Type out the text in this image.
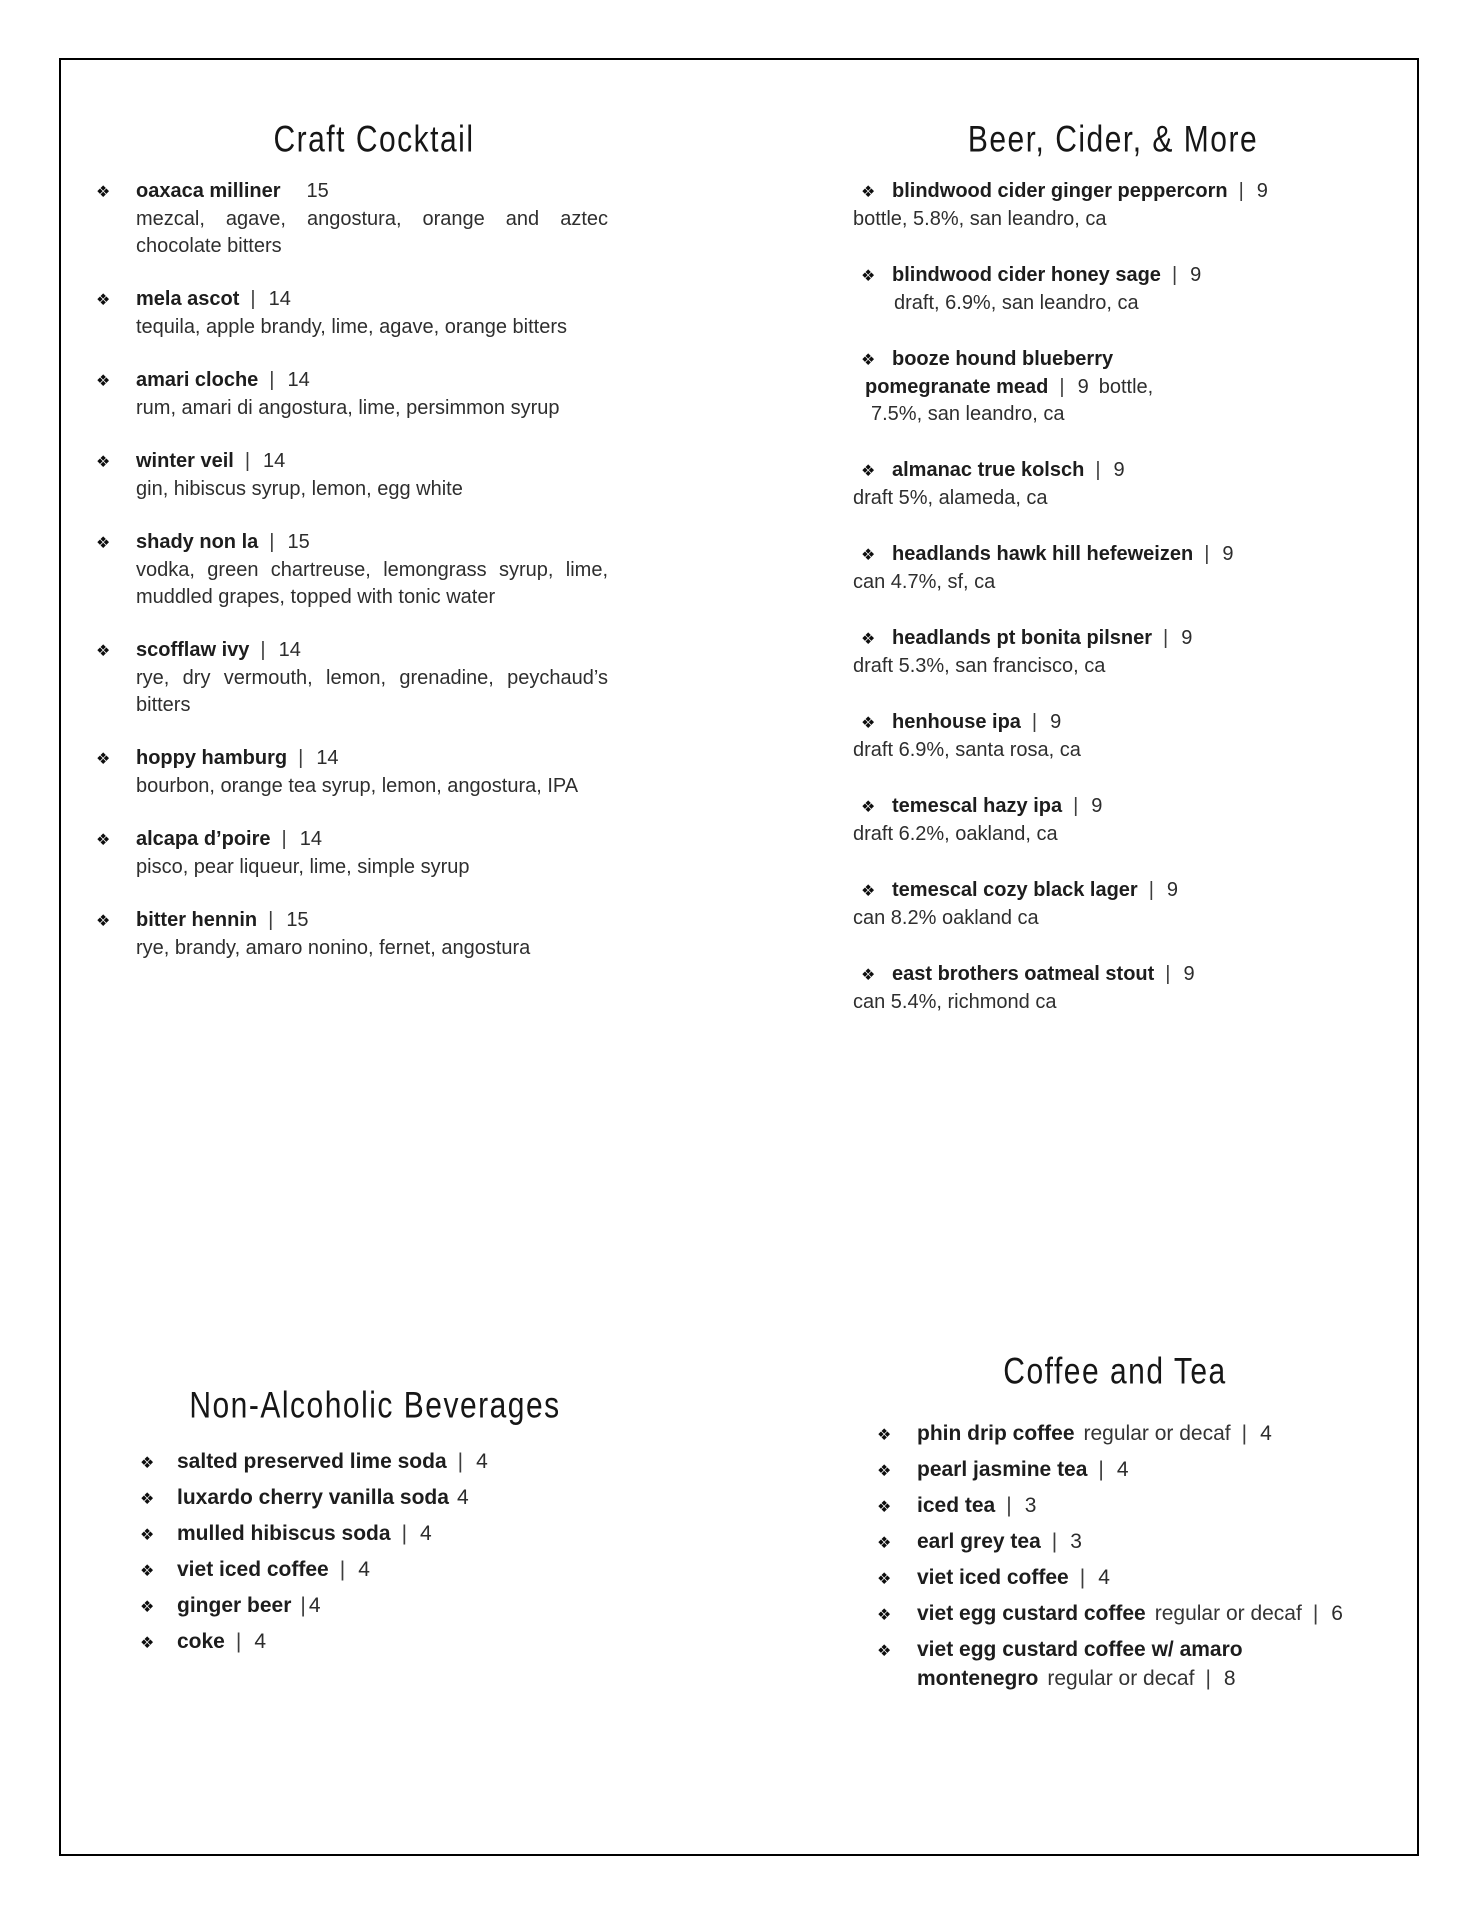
Craft Cocktail
❖ oaxaca milliner 15
mezcal, agave, angostura, orange and aztec chocolate bitters
❖ mela ascot | 14
tequila, apple brandy, lime, agave, orange bitters
❖ amari cloche | 14
rum, amari di angostura, lime, persimmon syrup
❖ winter veil | 14
gin, hibiscus syrup, lemon, egg white
❖ shady non la | 15
vodka, green chartreuse, lemongrass syrup, lime, muddled grapes, topped with tonic water
❖ scofflaw ivy | 14
rye, dry vermouth, lemon, grenadine, peychaud’s bitters
❖ hoppy hamburg | 14
bourbon, orange tea syrup, lemon, angostura, IPA
❖ alcapa d’poire | 14
pisco, pear liqueur, lime, simple syrup
❖ bitter hennin | 15
rye, brandy, amaro nonino, fernet, angostura
Beer, Cider, & More
❖ blindwood cider ginger peppercorn | 9
bottle, 5.8%, san leandro, ca
❖ blindwood cider honey sage | 9
draft, 6.9%, san leandro, ca
❖ booze hound blueberry
pomegranate mead | 9 bottle,
7.5%, san leandro, ca
❖ almanac true kolsch | 9
draft 5%, alameda, ca
❖ headlands hawk hill hefeweizen | 9
can 4.7%, sf, ca
❖ headlands pt bonita pilsner | 9
draft 5.3%, san francisco, ca
❖ henhouse ipa | 9
draft 6.9%, santa rosa, ca
❖ temescal hazy ipa | 9
draft 6.2%, oakland, ca
❖ temescal cozy black lager | 9
can 8.2% oakland ca
❖ east brothers oatmeal stout | 9
can 5.4%, richmond ca
Non-Alcoholic Beverages
❖ salted preserved lime soda | 4
❖ luxardo cherry vanilla soda 4
❖ mulled hibiscus soda | 4
❖ viet iced coffee | 4
❖ ginger beer | 4
❖ coke | 4
Coffee and Tea
❖ phin drip coffee regular or decaf | 4
❖ pearl jasmine tea | 4
❖ iced tea | 3
❖ earl grey tea | 3
❖ viet iced coffee | 4
❖ viet egg custard coffee regular or decaf | 6
❖ viet egg custard coffee w/ amaro
montenegro regular or decaf | 8
